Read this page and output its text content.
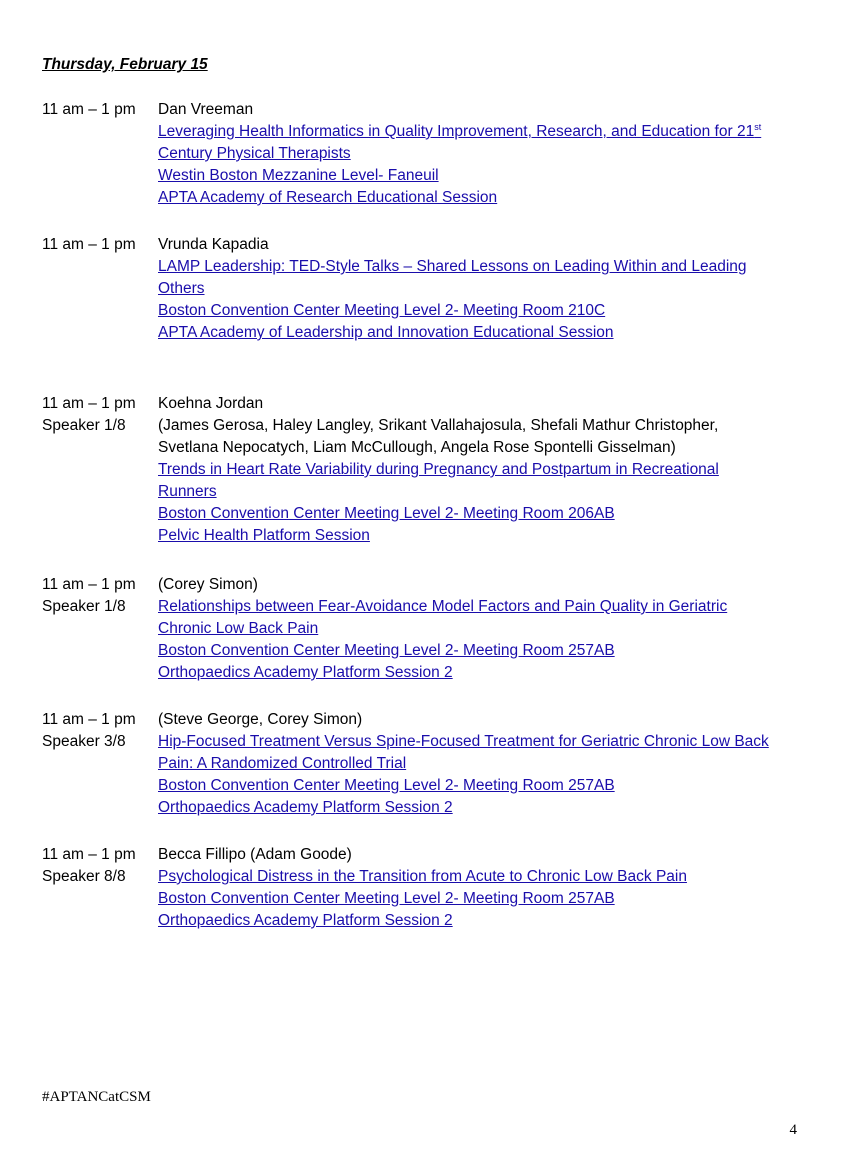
Thursday, February 15
11 am – 1 pm	Dan Vreeman
Leveraging Health Informatics in Quality Improvement, Research, and Education for 21st
Century Physical Therapists
Westin Boston Mezzanine Level- Faneuil
APTA Academy of Research Educational Session
11 am – 1 pm	Vrunda Kapadia
LAMP Leadership: TED-Style Talks – Shared Lessons on Leading Within and Leading
Others
Boston Convention Center Meeting Level 2- Meeting Room 210C
APTA Academy of Leadership and Innovation Educational Session
11 am – 1 pm	Koehna Jordan
Speaker 1/8	(James Gerosa, Haley Langley, Srikant Vallahajosula, Shefali Mathur Christopher,
Svetlana Nepocatych, Liam McCullough, Angela Rose Spontelli Gisselman)
Trends in Heart Rate Variability during Pregnancy and Postpartum in Recreational
Runners
Boston Convention Center Meeting Level 2- Meeting Room 206AB
Pelvic Health Platform Session
11 am – 1 pm	(Corey Simon)
Speaker 1/8	Relationships between Fear-Avoidance Model Factors and Pain Quality in Geriatric
Chronic Low Back Pain
Boston Convention Center Meeting Level 2- Meeting Room 257AB
Orthopaedics Academy Platform Session 2
11 am – 1 pm	(Steve George, Corey Simon)
Speaker 3/8	Hip-Focused Treatment Versus Spine-Focused Treatment for Geriatric Chronic Low Back
Pain: A Randomized Controlled Trial
Boston Convention Center Meeting Level 2- Meeting Room 257AB
Orthopaedics Academy Platform Session 2
11 am – 1 pm	Becca Fillipo (Adam Goode)
Speaker 8/8	Psychological Distress in the Transition from Acute to Chronic Low Back Pain
Boston Convention Center Meeting Level 2- Meeting Room 257AB
Orthopaedics Academy Platform Session 2
#APTANCatCSM
4
